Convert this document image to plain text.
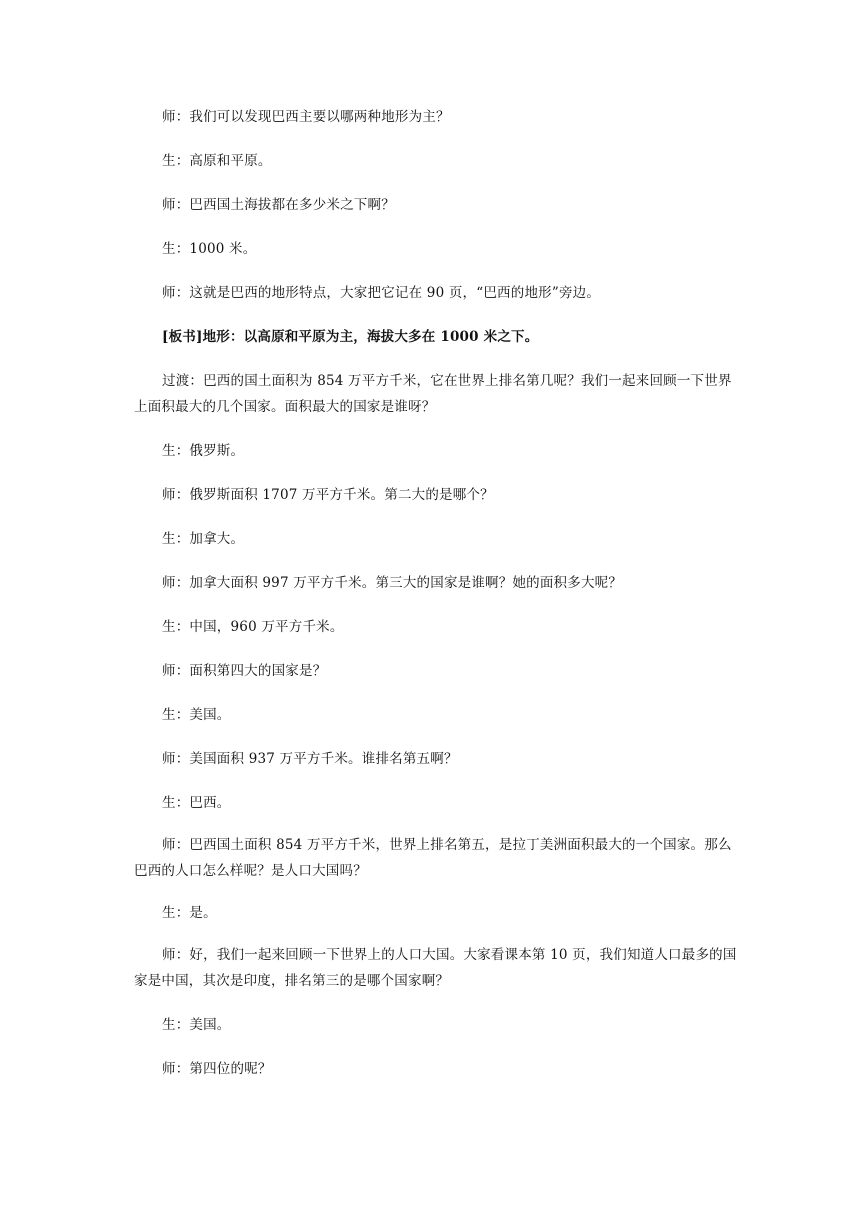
师：我们可以发现巴西主要以哪两种地形为主？

生：高原和平原。

师：巴西国土海拔都在多少米之下啊？

生：1000 米。

师：这就是巴西的地形特点，大家把它记在 90 页，“巴西的地形”旁边。

[板书]地形：以高原和平原为主，海拔大多在 1000 米之下。

过渡：巴西的国土面积为 854 万平方千米，它在世界上排名第几呢？我们一起来回顾一下世界上面积最大的几个国家。面积最大的国家是谁呀？

生：俄罗斯。

师：俄罗斯面积 1707 万平方千米。第二大的是哪个？

生：加拿大。

师：加拿大面积 997 万平方千米。第三大的国家是谁啊？她的面积多大呢？

生：中国，960 万平方千米。

师：面积第四大的国家是？

生：美国。

师：美国面积 937 万平方千米。谁排名第五啊？

生：巴西。

师：巴西国土面积 854 万平方千米，世界上排名第五，是拉丁美洲面积最大的一个国家。那么巴西的人口怎么样呢？是人口大国吗？

生：是。

师：好，我们一起来回顾一下世界上的人口大国。大家看课本第 10 页，我们知道人口最多的国家是中国，其次是印度，排名第三的是哪个国家啊？

生：美国。

师：第四位的呢？
